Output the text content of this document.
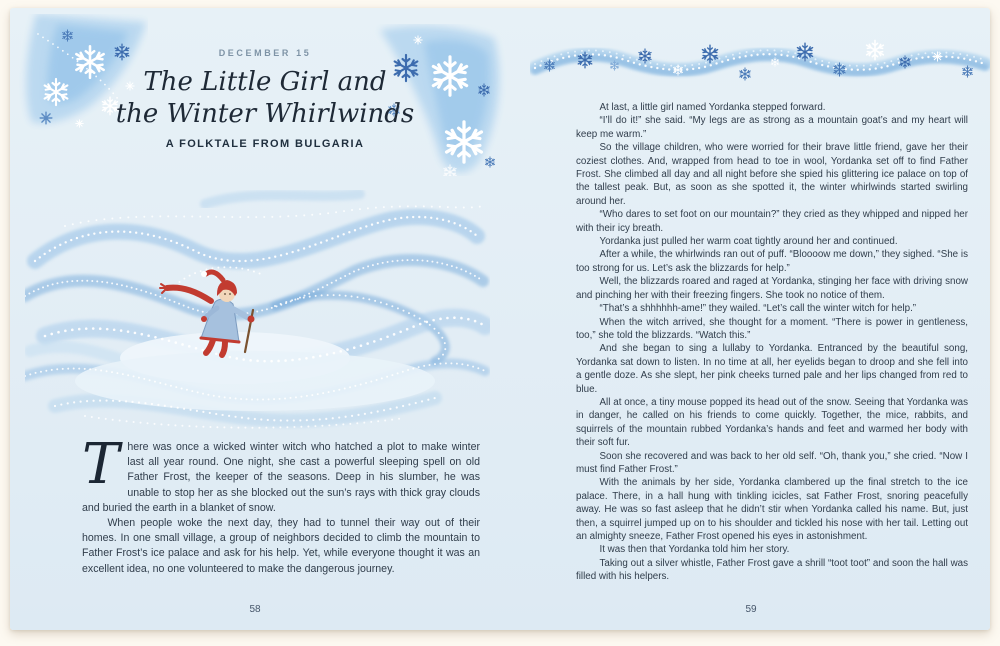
DECEMBER 15
The Little Girl and
the Winter Whirlwinds
A FOLKTALE FROM BULGARIA

There was once a wicked winter witch who hatched a plot to make winter last all year round. One night, she cast a powerful sleeping spell on old Father Frost, the keeper of the seasons. Deep in his slumber, he was unable to stop her as she blocked out the sun’s rays with thick gray clouds and buried the earth in a blanket of snow.

When people woke the next day, they had to tunnel their way out of their homes. In one small village, a group of neighbors decided to climb the mountain to Father Frost’s ice palace and ask for his help. Yet, while everyone thought it was an excellent idea, no one volunteered to make the dangerous journey.

58

At last, a little girl named Yordanka stepped forward.

“I’ll do it!” she said. “My legs are as strong as a mountain goat’s and my heart will keep me warm.”

So the village children, who were worried for their brave little friend, gave her their coziest clothes. And, wrapped from head to toe in wool, Yordanka set off to find Father Frost. She climbed all day and all night before she spied his glittering ice palace on top of the tallest peak. But, as soon as she spotted it, the winter whirlwinds started swirling around her.

“Who dares to set foot on our mountain?” they cried as they whipped and nipped her with their icy breath.

Yordanka just pulled her warm coat tightly around her and continued.

After a while, the whirlwinds ran out of puff. “Bloooow me down,” they sighed. “She is too strong for us. Let’s ask the blizzards for help.”

Well, the blizzards roared and raged at Yordanka, stinging her face with driving snow and pinching her with their freezing fingers. She took no notice of them.

“That’s a shhhhhh-ame!” they wailed. “Let’s call the winter witch for help.”

When the witch arrived, she thought for a moment. “There is power in gentleness, too,” she told the blizzards. “Watch this.”

And she began to sing a lullaby to Yordanka. Entranced by the beautiful song, Yordanka sat down to listen. In no time at all, her eyelids began to droop and she fell into a gentle doze. As she slept, her pink cheeks turned pale and her lips changed from red to blue.

All at once, a tiny mouse popped its head out of the snow. Seeing that Yordanka was in danger, he called on his friends to come quickly. Together, the mice, rabbits, and squirrels of the mountain rubbed Yordanka’s hands and feet and warmed her body with their soft fur.

Soon she recovered and was back to her old self. “Oh, thank you,” she cried. “Now I must find Father Frost.”

With the animals by her side, Yordanka clambered up the final stretch to the ice palace. There, in a hall hung with tinkling icicles, sat Father Frost, snoring peacefully away. He was so fast asleep that he didn’t stir when Yordanka called his name. But, just then, a squirrel jumped up on to his shoulder and tickled his nose with her tail. Letting out an almighty sneeze, Father Frost opened his eyes in astonishment.

It was then that Yordanka told him her story.

Taking out a silver whistle, Father Frost gave a shrill “toot toot” and soon the hall was filled with his helpers.

59
